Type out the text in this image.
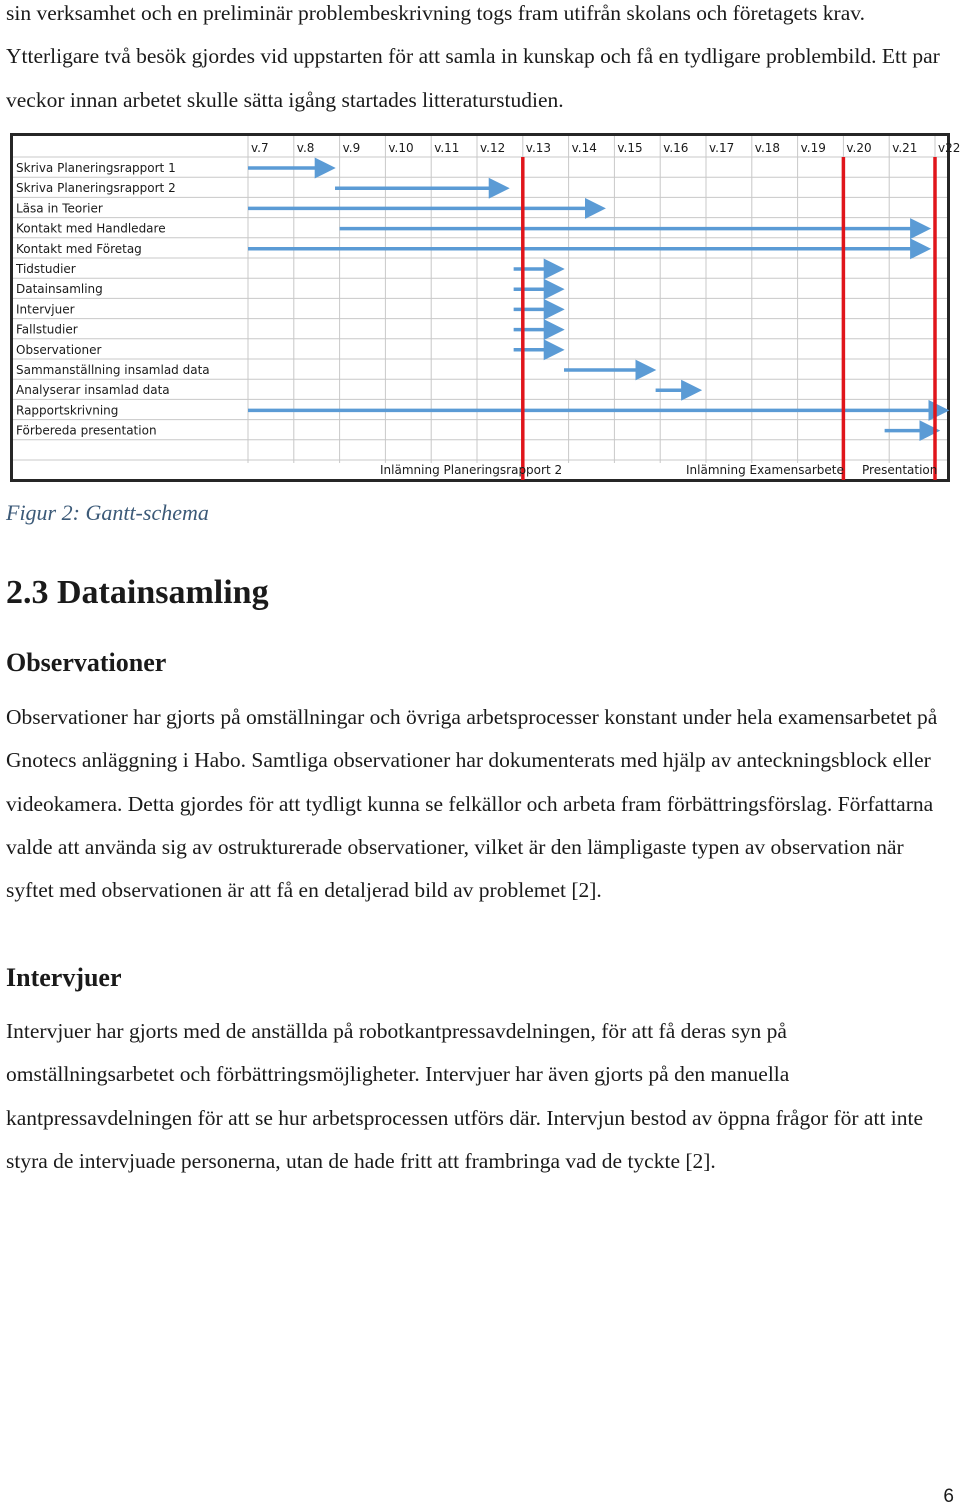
sin verksamhet och en preliminär problembeskrivning togs fram utifrån skolans och företagets krav. Ytterligare två besök gjordes vid uppstarten för att samla in kunskap och få en tydligare problembild. Ett par veckor innan arbetet skulle sätta igång startades litteraturstudien.

v.7 v.8 v.9 v.10 v.11 v.12 v.13 v.14 v.15 v.16 v.17 v.18 v.19 v.20 v.21 v22
Skriva Planeringsrapport 1
Skriva Planeringsrapport 2
Läsa in Teorier
Kontakt med Handledare
Kontakt med Företag
Tidstudier
Datainsamling
Intervjuer
Fallstudier
Observationer
Sammanställning insamlad data
Analyserar insamlad data
Rapportskrivning
Förbereda presentation
Inlämning Planeringsrapport 2	Inlämning Examensarbete Presentation

Figur 2: Gantt-schema

2.3 Datainsamling
Observationer

Observationer har gjorts på omställningar och övriga arbetsprocesser konstant under hela examensarbetet på Gnotecs anläggning i Habo. Samtliga observationer har dokumenterats med hjälp av anteckningsblock eller videokamera. Detta gjordes för att tydligt kunna se felkällor och arbeta fram förbättringsförslag. Författarna valde att använda sig av ostrukturerade observationer, vilket är den lämpligaste typen av observation när syftet med observationen är att få en detaljerad bild av problemet [2].

Intervjuer

Intervjuer har gjorts med de anställda på robotkantpressavdelningen, för att få deras syn på omställningsarbetet och förbättringsmöjligheter. Intervjuer har även gjorts på den manuella kantpressavdelningen för att se hur arbetsprocessen utförs där. Intervjun bestod av öppna frågor för att inte styra de intervjuade personerna, utan de hade fritt att frambringa vad de tyckte [2].

6
